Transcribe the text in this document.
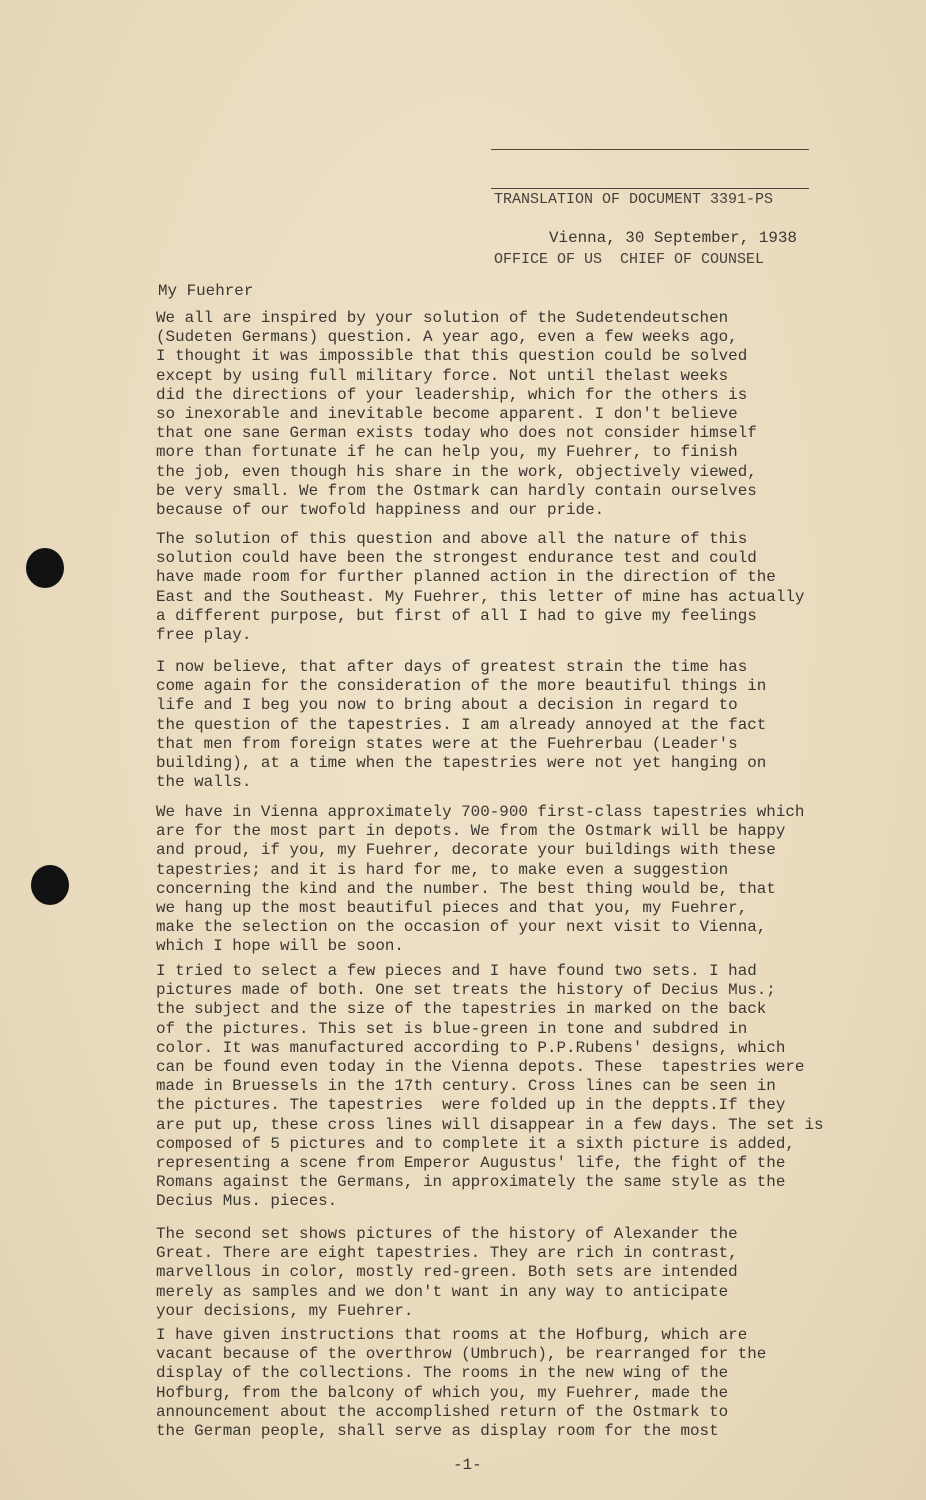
TRANSLATION OF DOCUMENT 3391-PS

OFFICE OF US  CHIEF OF COUNSEL

Vienna, 30 September, 1938
My Fuehrer
We all are inspired by your solution of the Sudetendeutschen
(Sudeten Germans) question. A year ago, even a few weeks ago,
I thought it was impossible that this question could be solved
except by using full military force. Not until thelast weeks
did the directions of your leadership, which for the others is
so inexorable and inevitable become apparent. I don't believe
that one sane German exists today who does not consider himself
more than fortunate if he can help you, my Fuehrer, to finish
the job, even though his share in the work, objectively viewed,
be very small. We from the Ostmark can hardly contain ourselves
because of our twofold happiness and our pride.
The solution of this question and above all the nature of this
solution could have been the strongest endurance test and could
have made room for further planned action in the direction of the
East and the Southeast. My Fuehrer, this letter of mine has actually
a different purpose, but first of all I had to give my feelings
free play.
I now believe, that after days of greatest strain the time has
come again for the consideration of the more beautiful things in
life and I beg you now to bring about a decision in regard to
the question of the tapestries. I am already annoyed at the fact
that men from foreign states were at the Fuehrerbau (Leader's
building), at a time when the tapestries were not yet hanging on
the walls.
We have in Vienna approximately 700-900 first-class tapestries which
are for the most part in depots. We from the Ostmark will be happy
and proud, if you, my Fuehrer, decorate your buildings with these
tapestries; and it is hard for me, to make even a suggestion
concerning the kind and the number. The best thing would be, that
we hang up the most beautiful pieces and that you, my Fuehrer,
make the selection on the occasion of your next visit to Vienna,
which I hope will be soon.
I tried to select a few pieces and I have found two sets. I had
pictures made of both. One set treats the history of Decius Mus.;
the subject and the size of the tapestries in marked on the back
of the pictures. This set is blue-green in tone and subdred in
color. It was manufactured according to P.P.Rubens' designs, which
can be found even today in the Vienna depots. These  tapestries were
made in Bruessels in the 17th century. Cross lines can be seen in
the pictures. The tapestries  were folded up in the deppts.If they
are put up, these cross lines will disappear in a few days. The set is
composed of 5 pictures and to complete it a sixth picture is added,
representing a scene from Emperor Augustus' life, the fight of the
Romans against the Germans, in approximately the same style as the
Decius Mus. pieces.
The second set shows pictures of the history of Alexander the
Great. There are eight tapestries. They are rich in contrast,
marvellous in color, mostly red-green. Both sets are intended
merely as samples and we don't want in any way to anticipate
your decisions, my Fuehrer.
I have given instructions that rooms at the Hofburg, which are
vacant because of the overthrow (Umbruch), be rearranged for the
display of the collections. The rooms in the new wing of the
Hofburg, from the balcony of which you, my Fuehrer, made the
announcement about the accomplished return of the Ostmark to
the German people, shall serve as display room for the most
-1-
